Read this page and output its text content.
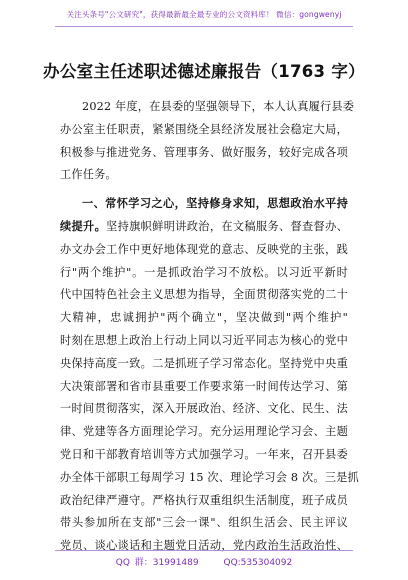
关注头条号"公文研究"，获得最新最全最专业的公文资料库！ 微信：gongwenyj
办公室主任述职述德述廉报告（1763 字）
2022 年度，在县委的坚强领导下，本人认真履行县委
办公室主任职责，紧紧围绕全县经济发展社会稳定大局，
积极参与推进党务、管理事务、做好服务，较好完成各项
工作任务。
一、常怀学习之心，坚持修身求知，思想政治水平持
续提升。坚持旗帜鲜明讲政治，在文稿服务、督查督办、
办文办会工作中更好地体现党的意志、反映党的主张，践
行"两个维护"。一是抓政治学习不放松。以习近平新时
代中国特色社会主义思想为指导，全面贯彻落实党的二十
大精神，忠诚拥护"两个确立"，坚决做到"两个维护"
时刻在思想上政治上行动上同以习近平同志为核心的党中
央保持高度一致。二是抓班子学习常态化。坚持党中央重
大决策部署和省市县重要工作要求第一时间传达学习、第
一时间贯彻落实，深入开展政治、经济、文化、民生、法
律、党建等各方面理论学习。充分运用理论学习会、主题
党日和干部教育培训等方式加强学习。一年来，召开县委
办全体干部职工每周学习 15 次、理论学习会 8 次。三是抓
政治纪律严遵守。严格执行双重组织生活制度，班子成员
带头参加所在支部"三会一课"、组织生活会、民主评议
党员、谈心谈话和主题党日活动，党内政治生活政治性、
QQ 群：31991489	QQ:535304092
